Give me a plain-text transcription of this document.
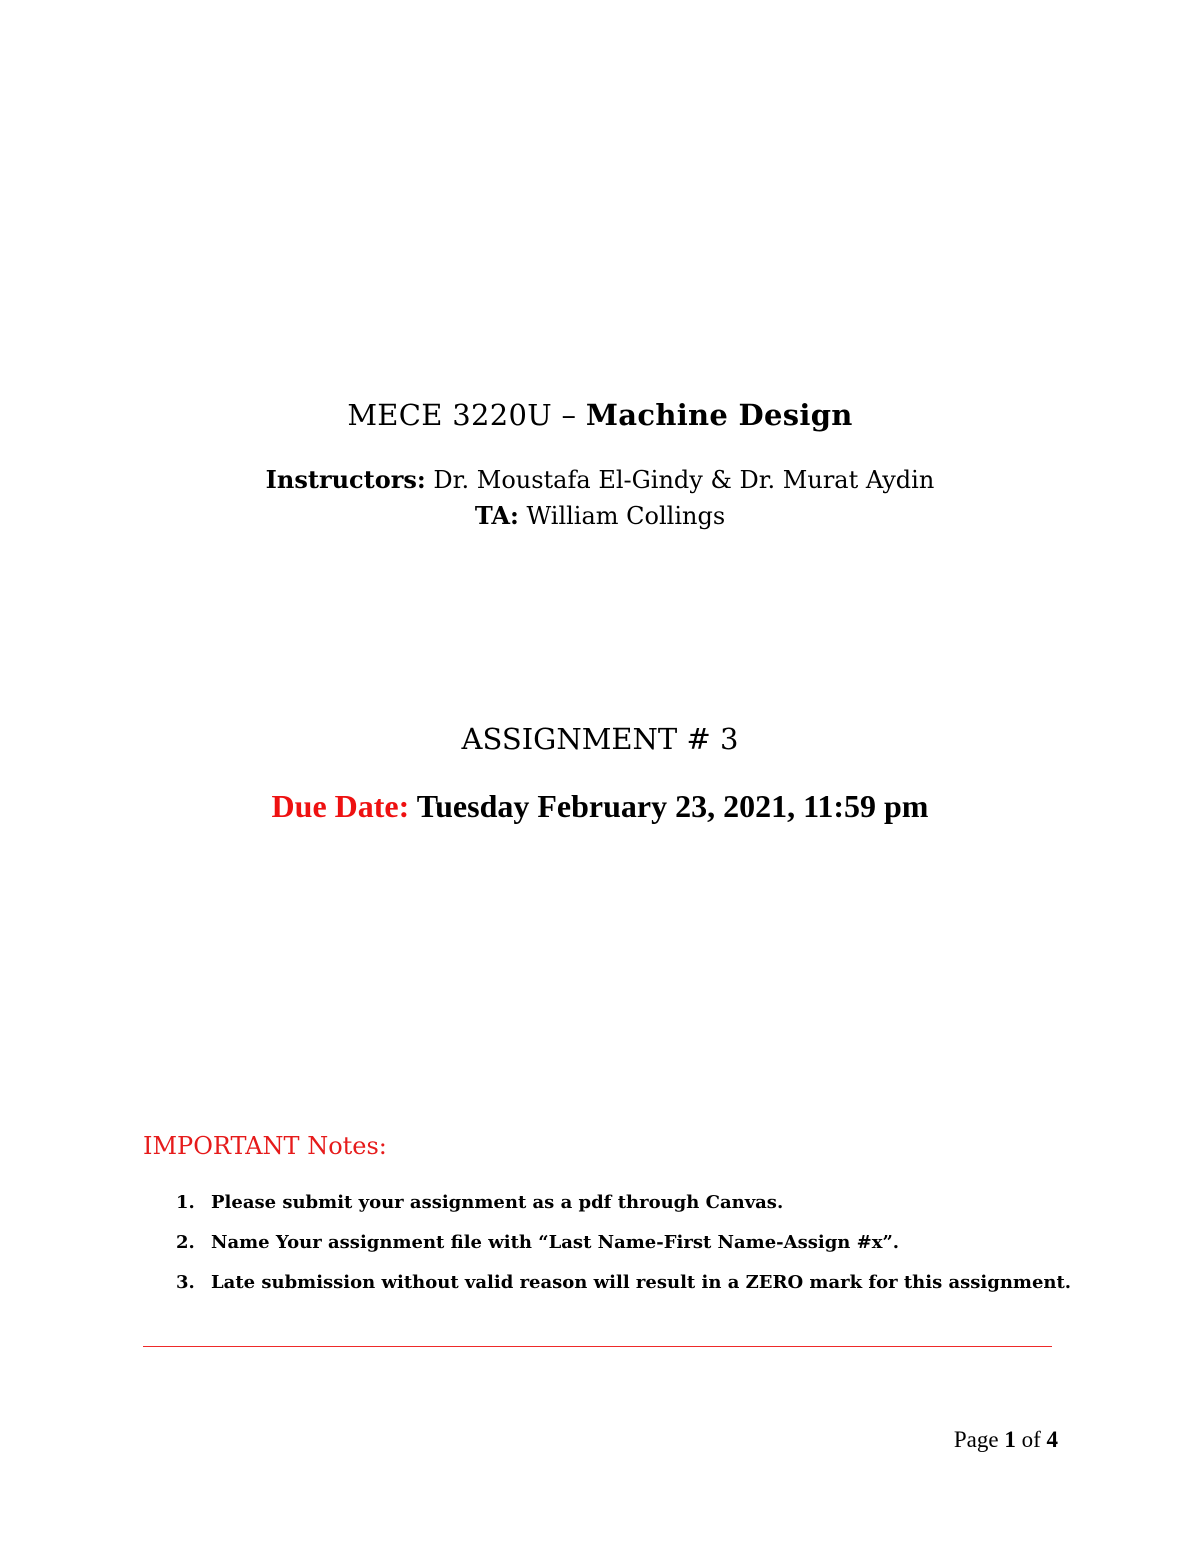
MECE 3220U – Machine Design
Instructors: Dr. Moustafa El-Gindy & Dr. Murat Aydin
TA: William Collings
ASSIGNMENT # 3
Due Date: Tuesday February 23, 2021, 11:59 pm
IMPORTANT Notes:
1. Please submit your assignment as a pdf through Canvas.
2. Name Your assignment file with “Last Name-First Name-Assign #x”.
3. Late submission without valid reason will result in a ZERO mark for this assignment.
Page 1 of 4
